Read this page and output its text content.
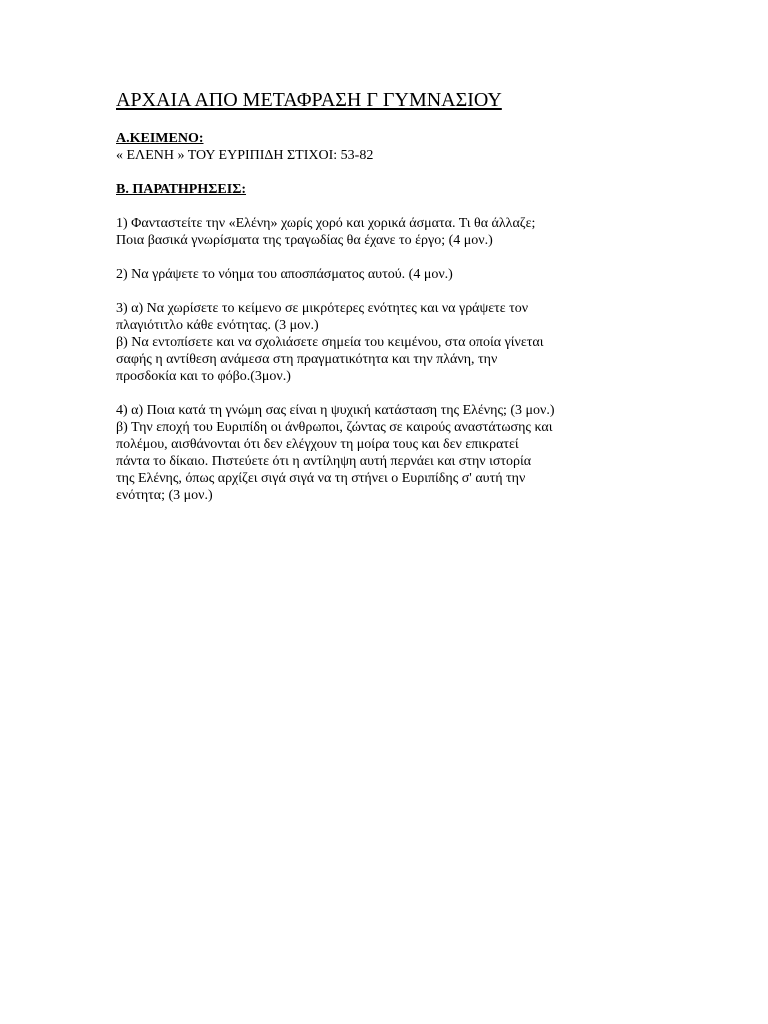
ΑΡΧΑΙΑ ΑΠΟ ΜΕΤΑΦΡΑΣΗ Γ ΓΥΜΝΑΣΙΟΥ

Α.ΚΕΙΜΕΝΟ:

« ΕΛΕΝΗ » ΤΟΥ ΕΥΡΙΠΙΔΗ ΣΤΙΧΟΙ: 53-82

Β. ΠΑΡΑΤΗΡΗΣΕΙΣ:

1) Φανταστείτε την «Ελένη» χωρίς χορό και χορικά άσματα. Τι θα άλλαζε;

Ποια βασικά γνωρίσματα της τραγωδίας θα έχανε το έργο; (4 μον.)

2) Να γράψετε το νόημα του αποσπάσματος αυτού. (4 μον.)

3) α) Να χωρίσετε το κείμενο σε μικρότερες ενότητες και να γράψετε τον

πλαγιότιτλο κάθε ενότητας. (3 μον.)

β) Να εντοπίσετε και να σχολιάσετε σημεία του κειμένου, στα οποία γίνεται

σαφής η αντίθεση ανάμεσα στη πραγματικότητα και την πλάνη, την

προσδοκία και το φόβο.(3μον.)

4) α) Ποια κατά τη γνώμη σας είναι η ψυχική κατάσταση της Ελένης; (3 μον.)

β) Την εποχή του Ευριπίδη οι άνθρωποι, ζώντας σε καιρούς αναστάτωσης και

πολέμου, αισθάνονται ότι δεν ελέγχουν τη μοίρα τους και δεν επικρατεί

πάντα το δίκαιο. Πιστεύετε ότι η αντίληψη αυτή περνάει και στην ιστορία

της Ελένης, όπως αρχίζει σιγά σιγά να τη στήνει ο Ευριπίδης σ' αυτή την

ενότητα; (3 μον.)
